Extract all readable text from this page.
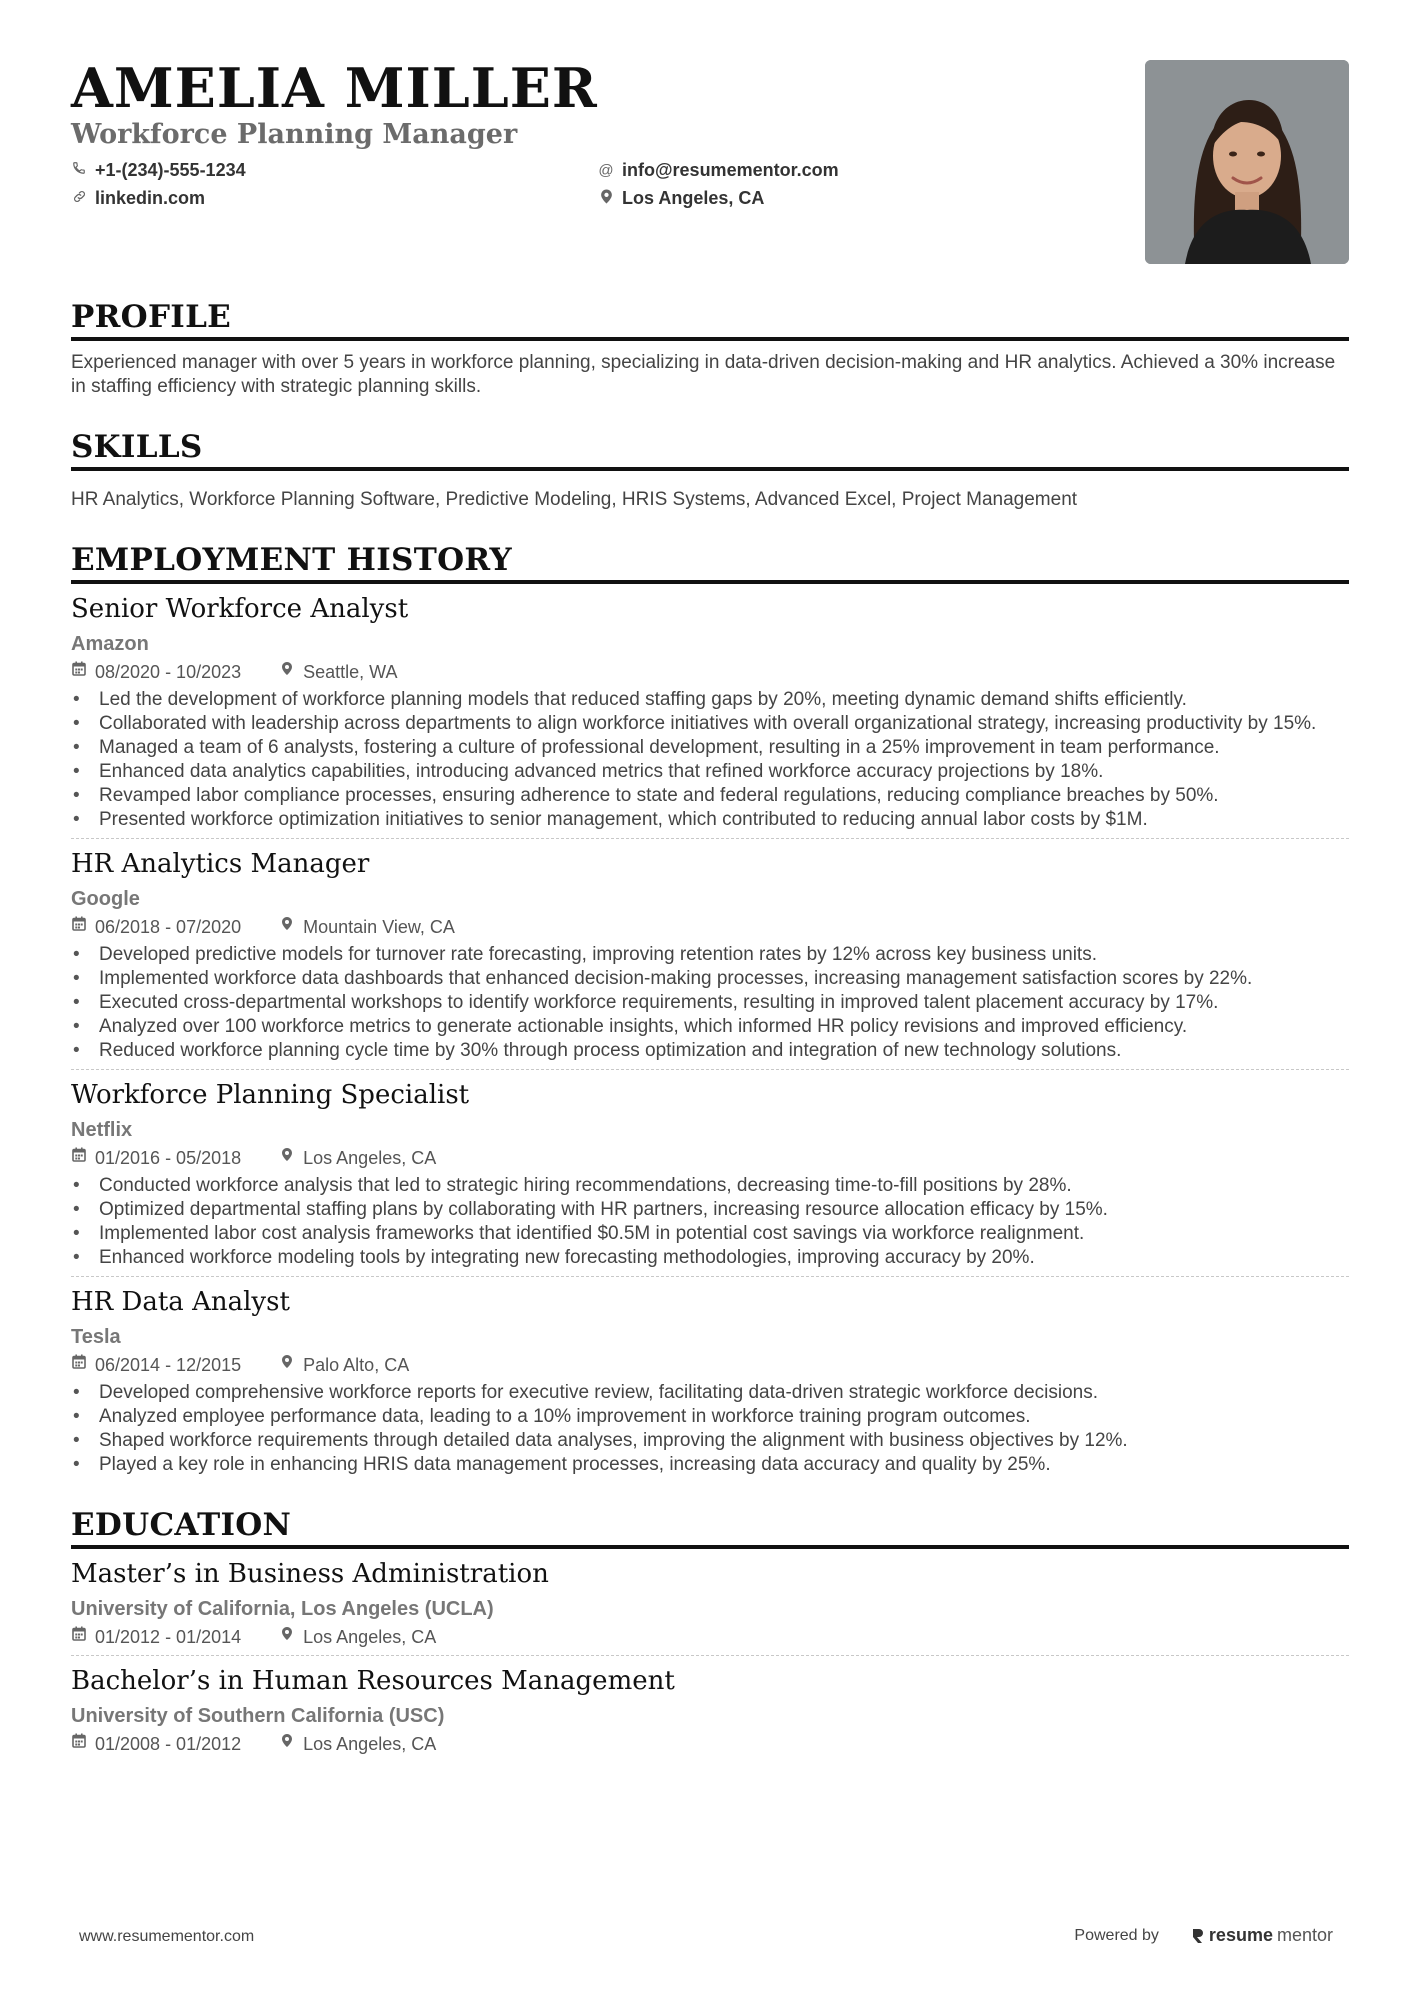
AMELIA MILLER
Workforce Planning Manager
+1-(234)-555-1234	@ info@resumementor.com
linkedin.com	Los Angeles, CA
PROFILE
Experienced manager with over 5 years in workforce planning, specializing in data-driven decision-making and HR analytics. Achieved a 30% increase in staffing efficiency with strategic planning skills.
SKILLS
HR Analytics, Workforce Planning Software, Predictive Modeling, HRIS Systems, Advanced Excel, Project Management
EMPLOYMENT HISTORY
Senior Workforce Analyst
Amazon
08/2020 - 10/2023	Seattle, WA
• Led the development of workforce planning models that reduced staffing gaps by 20%, meeting dynamic demand shifts efficiently.
• Collaborated with leadership across departments to align workforce initiatives with overall organizational strategy, increasing productivity by 15%.
• Managed a team of 6 analysts, fostering a culture of professional development, resulting in a 25% improvement in team performance.
• Enhanced data analytics capabilities, introducing advanced metrics that refined workforce accuracy projections by 18%.
• Revamped labor compliance processes, ensuring adherence to state and federal regulations, reducing compliance breaches by 50%.
• Presented workforce optimization initiatives to senior management, which contributed to reducing annual labor costs by $1M.
HR Analytics Manager
Google
06/2018 - 07/2020	Mountain View, CA
• Developed predictive models for turnover rate forecasting, improving retention rates by 12% across key business units.
• Implemented workforce data dashboards that enhanced decision-making processes, increasing management satisfaction scores by 22%.
• Executed cross-departmental workshops to identify workforce requirements, resulting in improved talent placement accuracy by 17%.
• Analyzed over 100 workforce metrics to generate actionable insights, which informed HR policy revisions and improved efficiency.
• Reduced workforce planning cycle time by 30% through process optimization and integration of new technology solutions.
Workforce Planning Specialist
Netflix
01/2016 - 05/2018	Los Angeles, CA
• Conducted workforce analysis that led to strategic hiring recommendations, decreasing time-to-fill positions by 28%.
• Optimized departmental staffing plans by collaborating with HR partners, increasing resource allocation efficacy by 15%.
• Implemented labor cost analysis frameworks that identified $0.5M in potential cost savings via workforce realignment.
• Enhanced workforce modeling tools by integrating new forecasting methodologies, improving accuracy by 20%.
HR Data Analyst
Tesla
06/2014 - 12/2015	Palo Alto, CA
• Developed comprehensive workforce reports for executive review, facilitating data-driven strategic workforce decisions.
• Analyzed employee performance data, leading to a 10% improvement in workforce training program outcomes.
• Shaped workforce requirements through detailed data analyses, improving the alignment with business objectives by 12%.
• Played a key role in enhancing HRIS data management processes, increasing data accuracy and quality by 25%.
EDUCATION
Master’s in Business Administration
University of California, Los Angeles (UCLA)
01/2012 - 01/2014	Los Angeles, CA
Bachelor’s in Human Resources Management
University of Southern California (USC)
01/2008 - 01/2012	Los Angeles, CA
www.resumementor.com	Powered by	resume mentor
